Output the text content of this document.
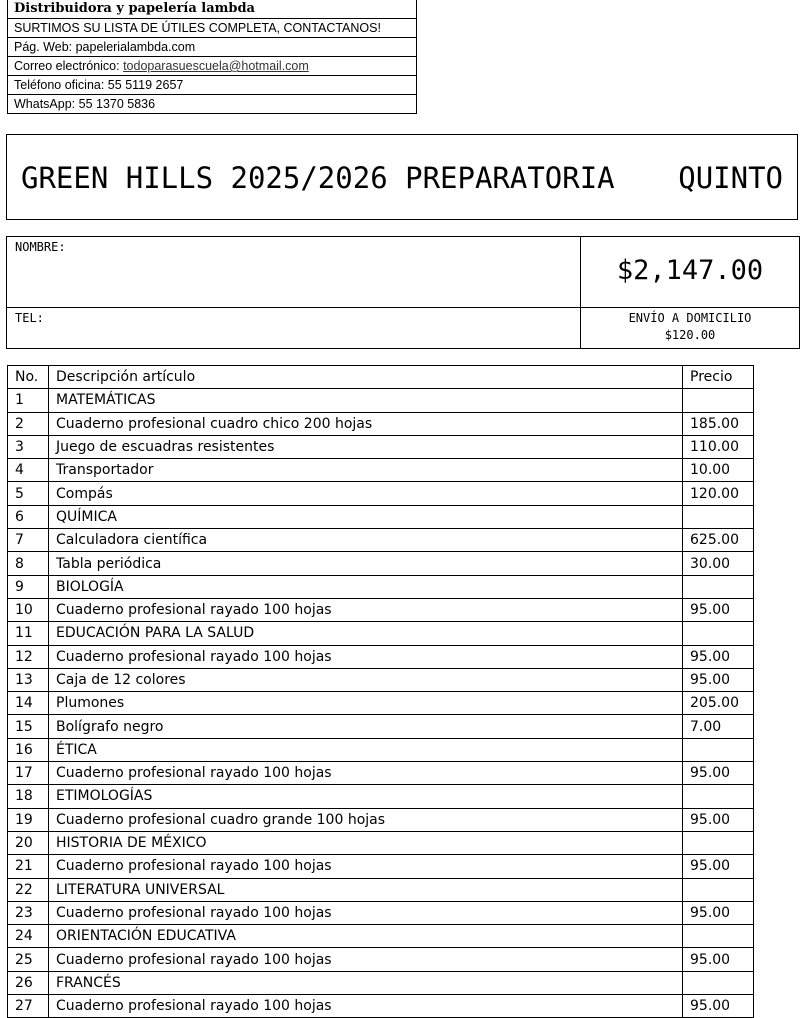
Distribuidora y papelería lambda
SURTIMOS SU LISTA DE ÚTILES COMPLETA, CONTACTANOS!
Pág. Web: papelerialambda.com
Correo electrónico: todoparasuescuela@hotmail.com
Teléfono oficina: 55 5119 2657
WhatsApp: 55 1370 5836
GREEN HILLS 2025/2026 PREPARATORIA QUINTO
NOMBRE:
TEL:
$2,147.00
ENVÍO A DOMICILIO
$120.00
No.	Descripción artículo	Precio
1	MATEMÁTICAS	
2	Cuaderno profesional cuadro chico 200 hojas	185.00
3	Juego de escuadras resistentes	110.00
4	Transportador	10.00
5	Compás	120.00
6	QUÍMICA	
7	Calculadora científica	625.00
8	Tabla periódica	30.00
9	BIOLOGÍA	
10	Cuaderno profesional rayado 100 hojas	95.00
11	EDUCACIÓN PARA LA SALUD	
12	Cuaderno profesional rayado 100 hojas	95.00
13	Caja de 12 colores	95.00
14	Plumones	205.00
15	Bolígrafo negro	7.00
16	ÉTICA	
17	Cuaderno profesional rayado 100 hojas	95.00
18	ETIMOLOGÍAS	
19	Cuaderno profesional cuadro grande 100 hojas	95.00
20	HISTORIA DE MÉXICO	
21	Cuaderno profesional rayado 100 hojas	95.00
22	LITERATURA UNIVERSAL	
23	Cuaderno profesional rayado 100 hojas	95.00
24	ORIENTACIÓN EDUCATIVA	
25	Cuaderno profesional rayado 100 hojas	95.00
26	FRANCÉS	
27	Cuaderno profesional rayado 100 hojas	95.00
